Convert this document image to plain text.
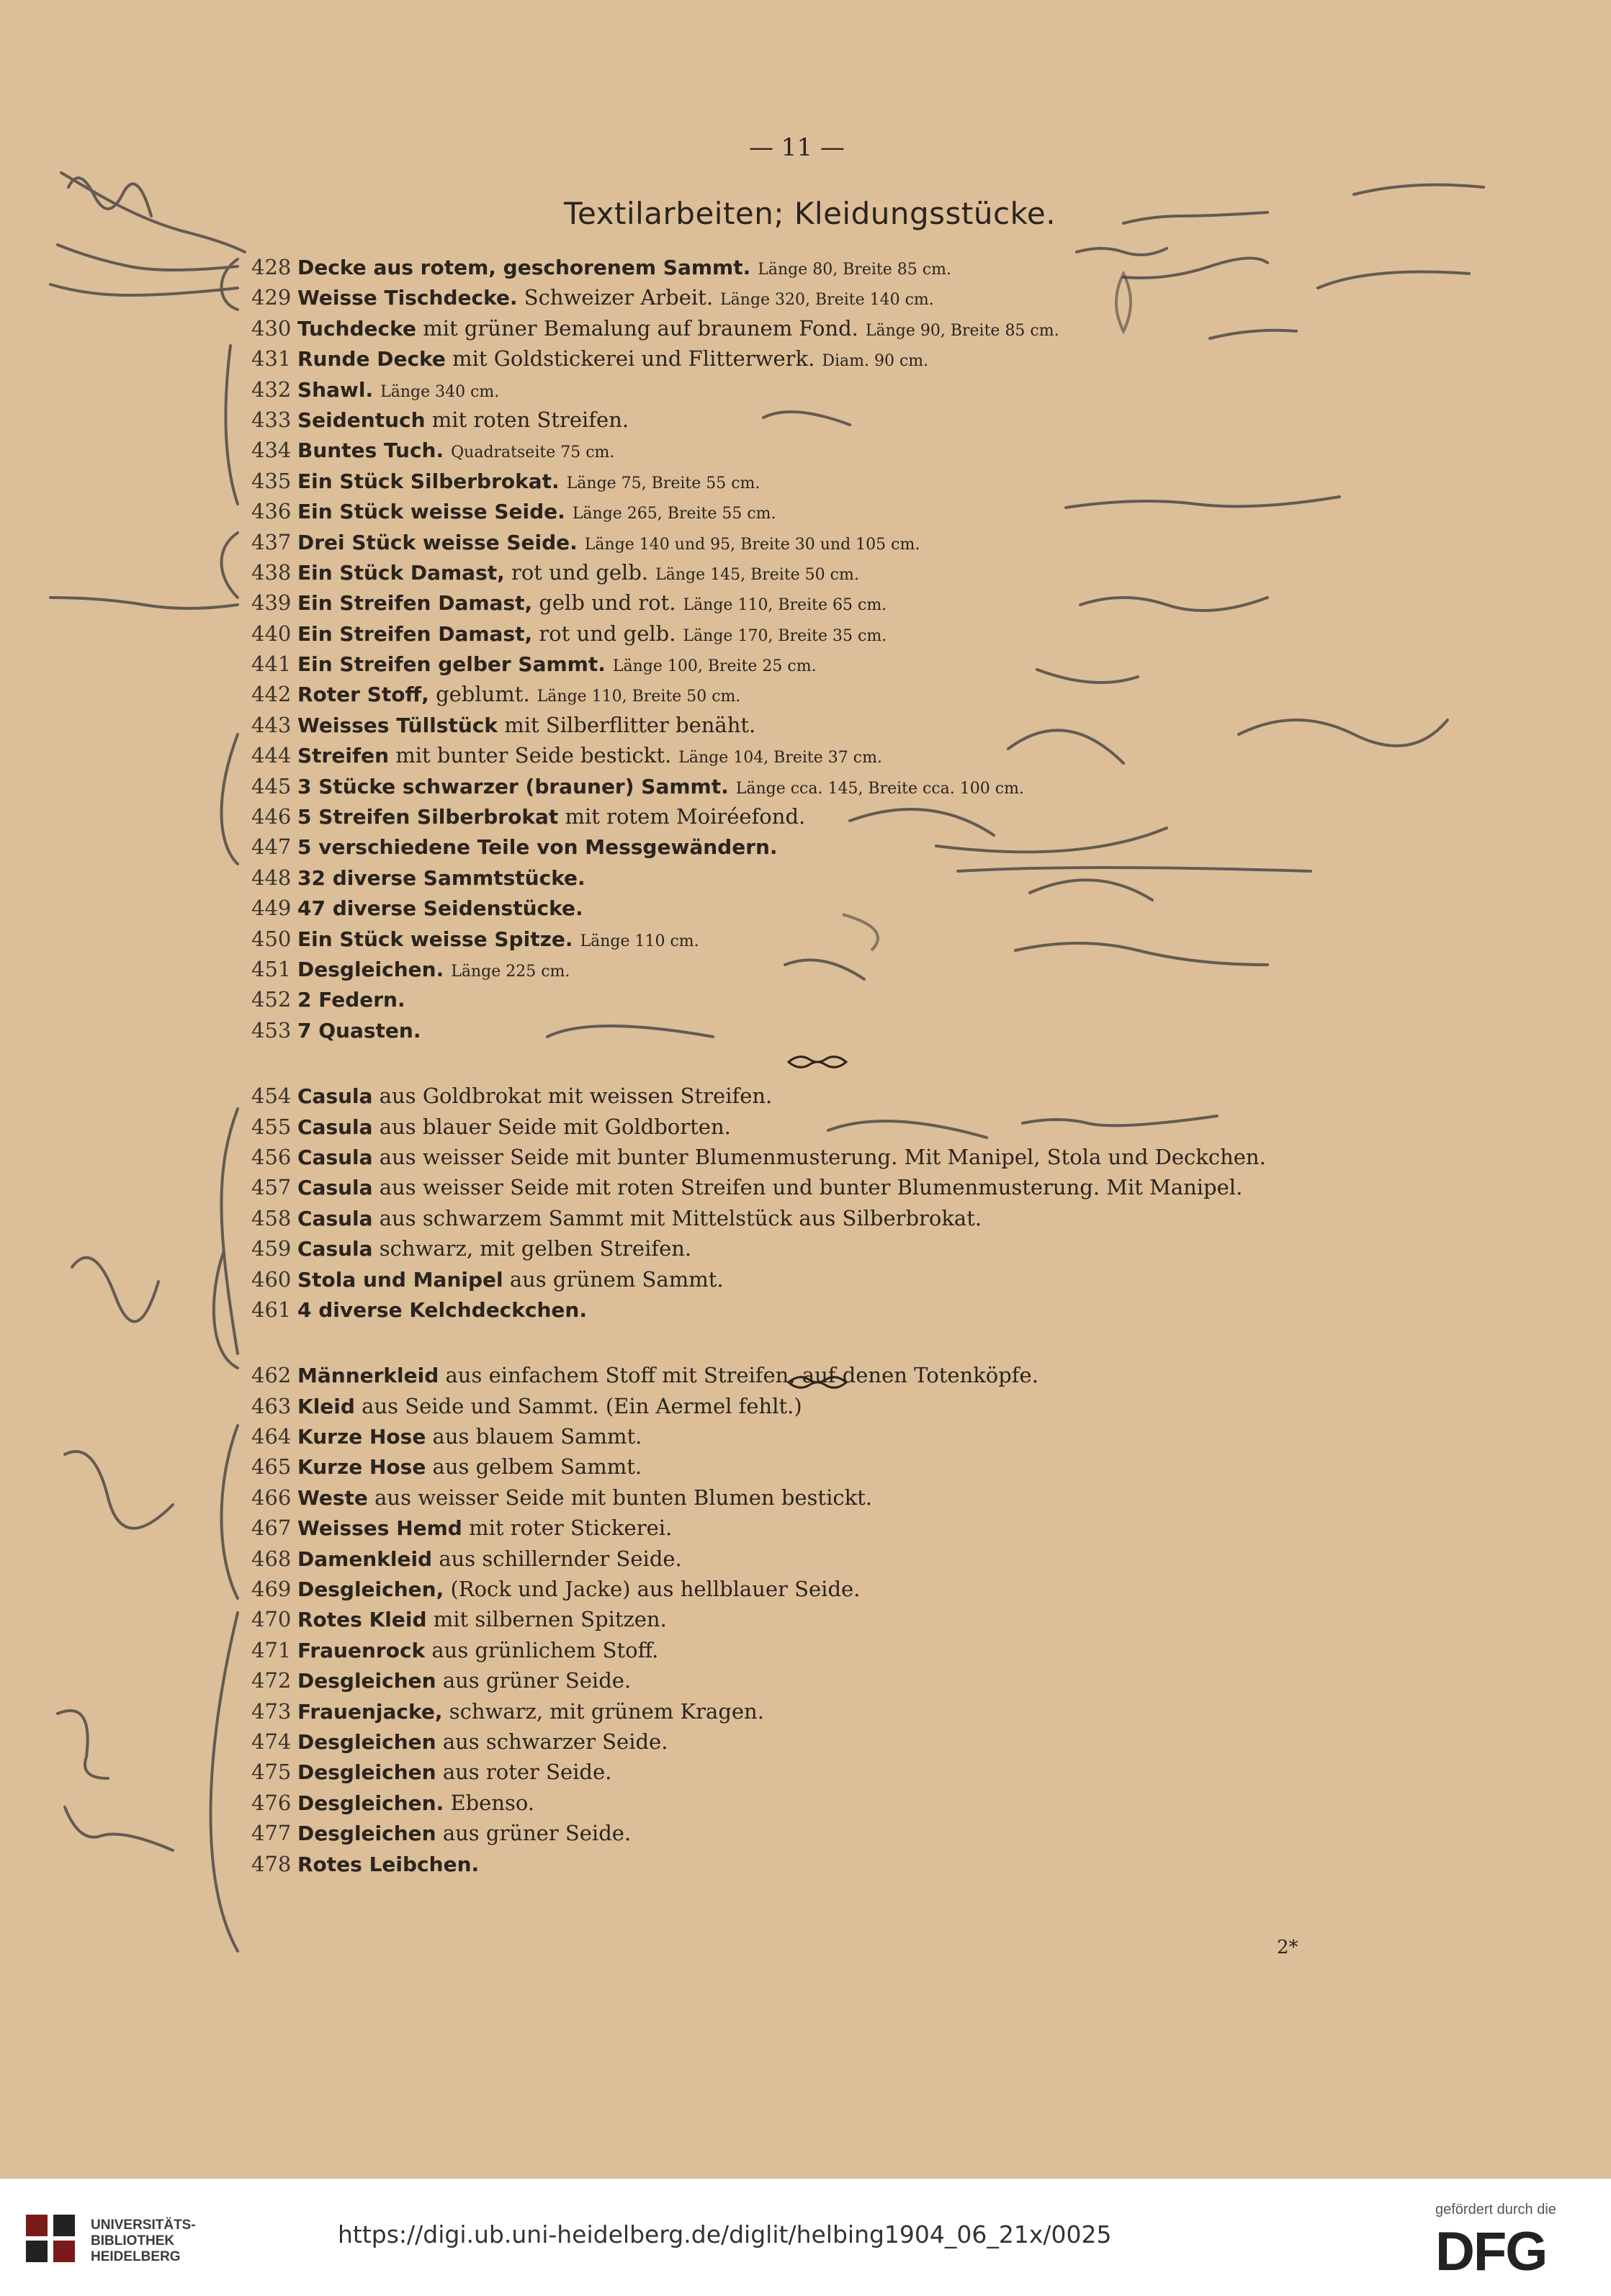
— 11 —
Textilarbeiten; Kleidungsstücke.
428 Decke aus rotem, geschorenem Sammt. Länge 80, Breite 85 cm.
429 Weisse Tischdecke. Schweizer Arbeit. Länge 320, Breite 140 cm.
430 Tuchdecke mit grüner Bemalung auf braunem Fond. Länge 90, Breite 85 cm.
431 Runde Decke mit Goldstickerei und Flitterwerk. Diam. 90 cm.
432 Shawl. Länge 340 cm.
433 Seidentuch mit roten Streifen.
434 Buntes Tuch. Quadratseite 75 cm.
435 Ein Stück Silberbrokat. Länge 75, Breite 55 cm.
436 Ein Stück weisse Seide. Länge 265, Breite 55 cm.
437 Drei Stück weisse Seide. Länge 140 und 95, Breite 30 und 105 cm.
438 Ein Stück Damast, rot und gelb. Länge 145, Breite 50 cm.
439 Ein Streifen Damast, gelb und rot. Länge 110, Breite 65 cm.
440 Ein Streifen Damast, rot und gelb. Länge 170, Breite 35 cm.
441 Ein Streifen gelber Sammt. Länge 100, Breite 25 cm.
442 Roter Stoff, geblumt. Länge 110, Breite 50 cm.
443 Weisses Tüllstück mit Silberflitter benäht.
444 Streifen mit bunter Seide bestickt. Länge 104, Breite 37 cm.
445 3 Stücke schwarzer (brauner) Sammt. Länge cca. 145, Breite cca. 100 cm.
446 5 Streifen Silberbrokat mit rotem Moiréefond.
447 5 verschiedene Teile von Messgewändern.
448 32 diverse Sammtstücke.
449 47 diverse Seidenstücke.
450 Ein Stück weisse Spitze. Länge 110 cm.
451 Desgleichen. Länge 225 cm.
452 2 Federn.
453 7 Quasten.
454 Casula aus Goldbrokat mit weissen Streifen.
455 Casula aus blauer Seide mit Goldborten.
456 Casula aus weisser Seide mit bunter Blumenmusterung. Mit Manipel, Stola und Deckchen.
457 Casula aus weisser Seide mit roten Streifen und bunter Blumenmusterung. Mit Manipel.
458 Casula aus schwarzem Sammt mit Mittelstück aus Silberbrokat.
459 Casula schwarz, mit gelben Streifen.
460 Stola und Manipel aus grünem Sammt.
461 4 diverse Kelchdeckchen.
462 Männerkleid aus einfachem Stoff mit Streifen, auf denen Totenköpfe.
463 Kleid aus Seide und Sammt. (Ein Aermel fehlt.)
464 Kurze Hose aus blauem Sammt.
465 Kurze Hose aus gelbem Sammt.
466 Weste aus weisser Seide mit bunten Blumen bestickt.
467 Weisses Hemd mit roter Stickerei.
468 Damenkleid aus schillernder Seide.
469 Desgleichen, (Rock und Jacke) aus hellblauer Seide.
470 Rotes Kleid mit silbernen Spitzen.
471 Frauenrock aus grünlichem Stoff.
472 Desgleichen aus grüner Seide.
473 Frauenjacke, schwarz, mit grünem Kragen.
474 Desgleichen aus schwarzer Seide.
475 Desgleichen aus roter Seide.
476 Desgleichen. Ebenso.
477 Desgleichen aus grüner Seide.
478 Rotes Leibchen.
2*
UNIVERSITÄTS-
BIBLIOTHEK
HEIDELBERG
https://digi.ub.uni-heidelberg.de/diglit/helbing1904_06_21x/0025
gefördert durch die
DFG
